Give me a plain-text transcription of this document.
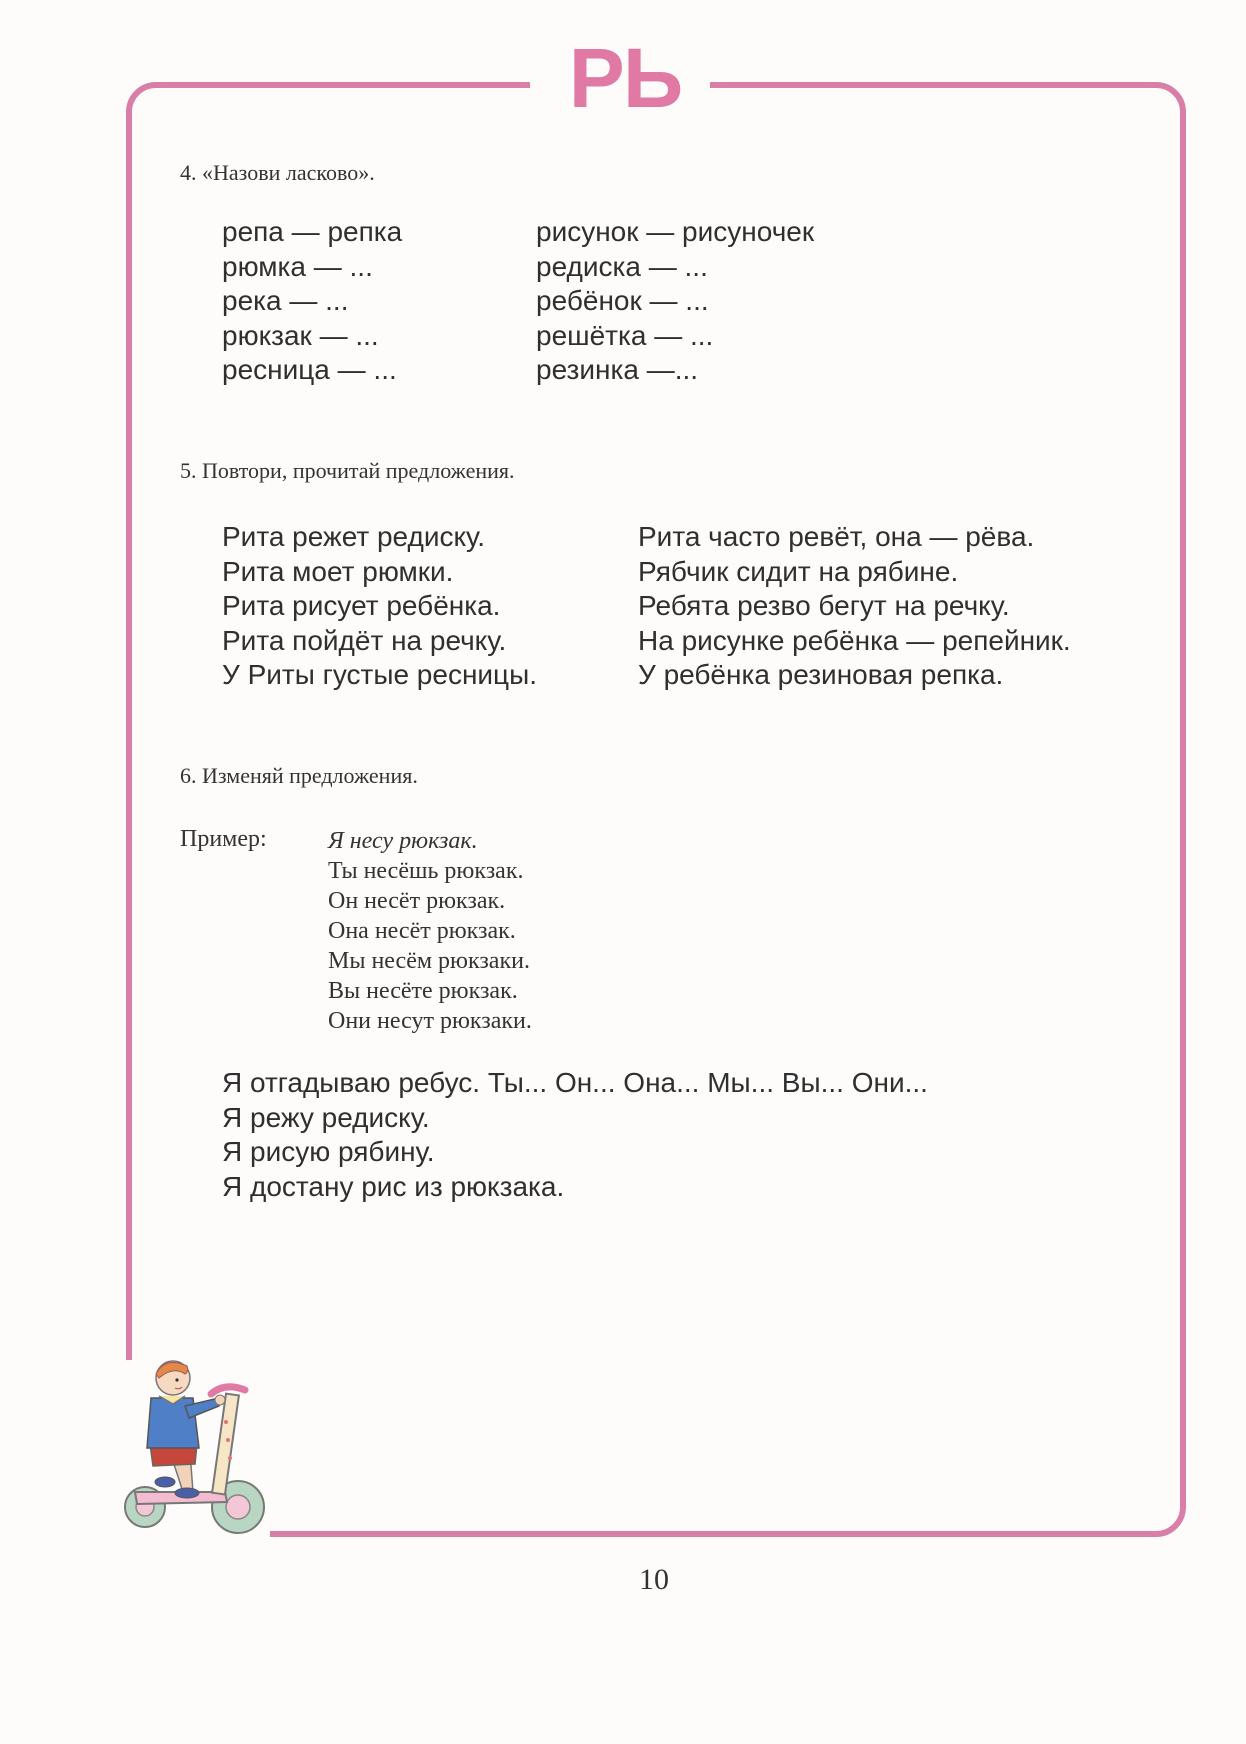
РЬ
4. «Назови ласково».
репа — репка
рюмка — ...
река — ...
рюкзак — ...
ресница — ...
рисунок — рисуночек
редиска — ...
ребёнок — ...
решётка — ...
резинка —...
5. Повтори, прочитай предложения.
Рита режет редиску.
Рита моет рюмки.
Рита рисует ребёнка.
Рита пойдёт на речку.
У Риты густые ресницы.
Рита часто ревёт, она — рёва.
Рябчик сидит на рябине.
Ребята резво бегут на речку.
На рисунке ребёнка — репейник.
У ребёнка резиновая репка.
6. Изменяй предложения.
Пример:	Я несу рюкзак.
Ты несёшь рюкзак.
Он несёт рюкзак.
Она несёт рюкзак.
Мы несём рюкзаки.
Вы несёте рюкзак.
Они несут рюкзаки.
Я отгадываю ребус. Ты... Он... Она... Мы... Вы... Они...
Я режу редиску.
Я рисую рябину.
Я достану рис из рюкзака.
10
